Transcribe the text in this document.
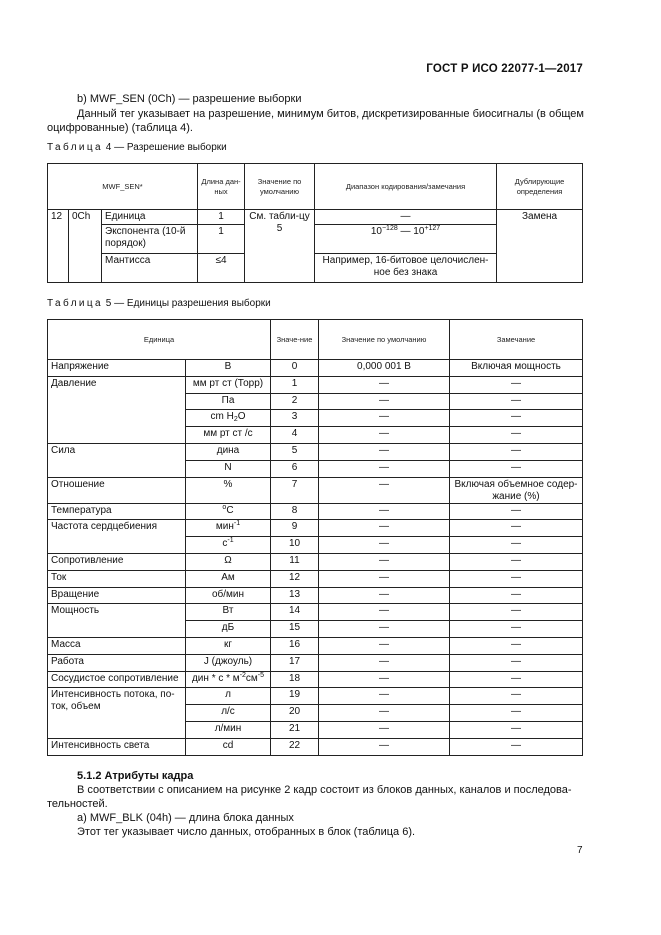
ГОСТ Р ИСО 22077-1—2017
b) MWF_SEN (0Ch) — разрешение выборки
Данный тег указывает на разрешение, минимум битов, дискретизированные биосигналы (в общем
оцифрованные) (таблица 4).
Таблица 4 — Разрешение выборки
MWF_SEN*			Длина дан-ных	Значение по умолчанию	Диапазон кодирования/замечания	Дублирующие определения
12	0Ch	Единица	1	См. табли-цу 5	—	Замена
		Экспонента (10-й порядок)	1		$10^{-128}$ — $10^{+127}$
		Мантисса	≤4		Например, 16-битовое целочислен-ное без знака	
Таблица 5 — Единицы разрешения выборки
Единица		Значе-ние	Значение по умолчанию	Замечание
Напряжение	В	0	0,000 001 В	Включая мощность
Давление	мм рт ст (Торр)	1	—	—
	Па	2	—	—
	cm $H_2O$	3	—	—
	мм рт ст /с	4	—	—
Сила	дина	5	—	—
	N	6	—	—
Отношение	%	7	—	Включая объемное содер-жание (%)
Температура	$^o$C	8	—	—
Частота сердцебиения	мин$^{-1}$	9	—	—
	$с^{-1}$	10	—	—
Сопротивление	Ω	11	—	—
Ток	Ам	12	—	—
Вращение	об/мин	13	—	—
Мощность	Вт	14	—	—
	дБ	15	—	—
Масса	кг	16	—	—
Работа	J (джоуль)	17	—	—
Сосудистое сопротивление	дин * с * $м^{-2}см^{-5}$	18	—	—
Интенсивность потока, по-ток, объем	л	19	—	—
	л/с	20	—	—
	л/мин	21	—	—
Интенсивность света	cd	22	—	—
5.1.2 Атрибуты кадра
В соответствии с описанием на рисунке 2 кадр состоит из блоков данных, каналов и последова-
тельностей.
a) MWF_BLK (04h) — длина блока данных
Этот тег указывает число данных, отобранных в блок (таблица 6).
7
